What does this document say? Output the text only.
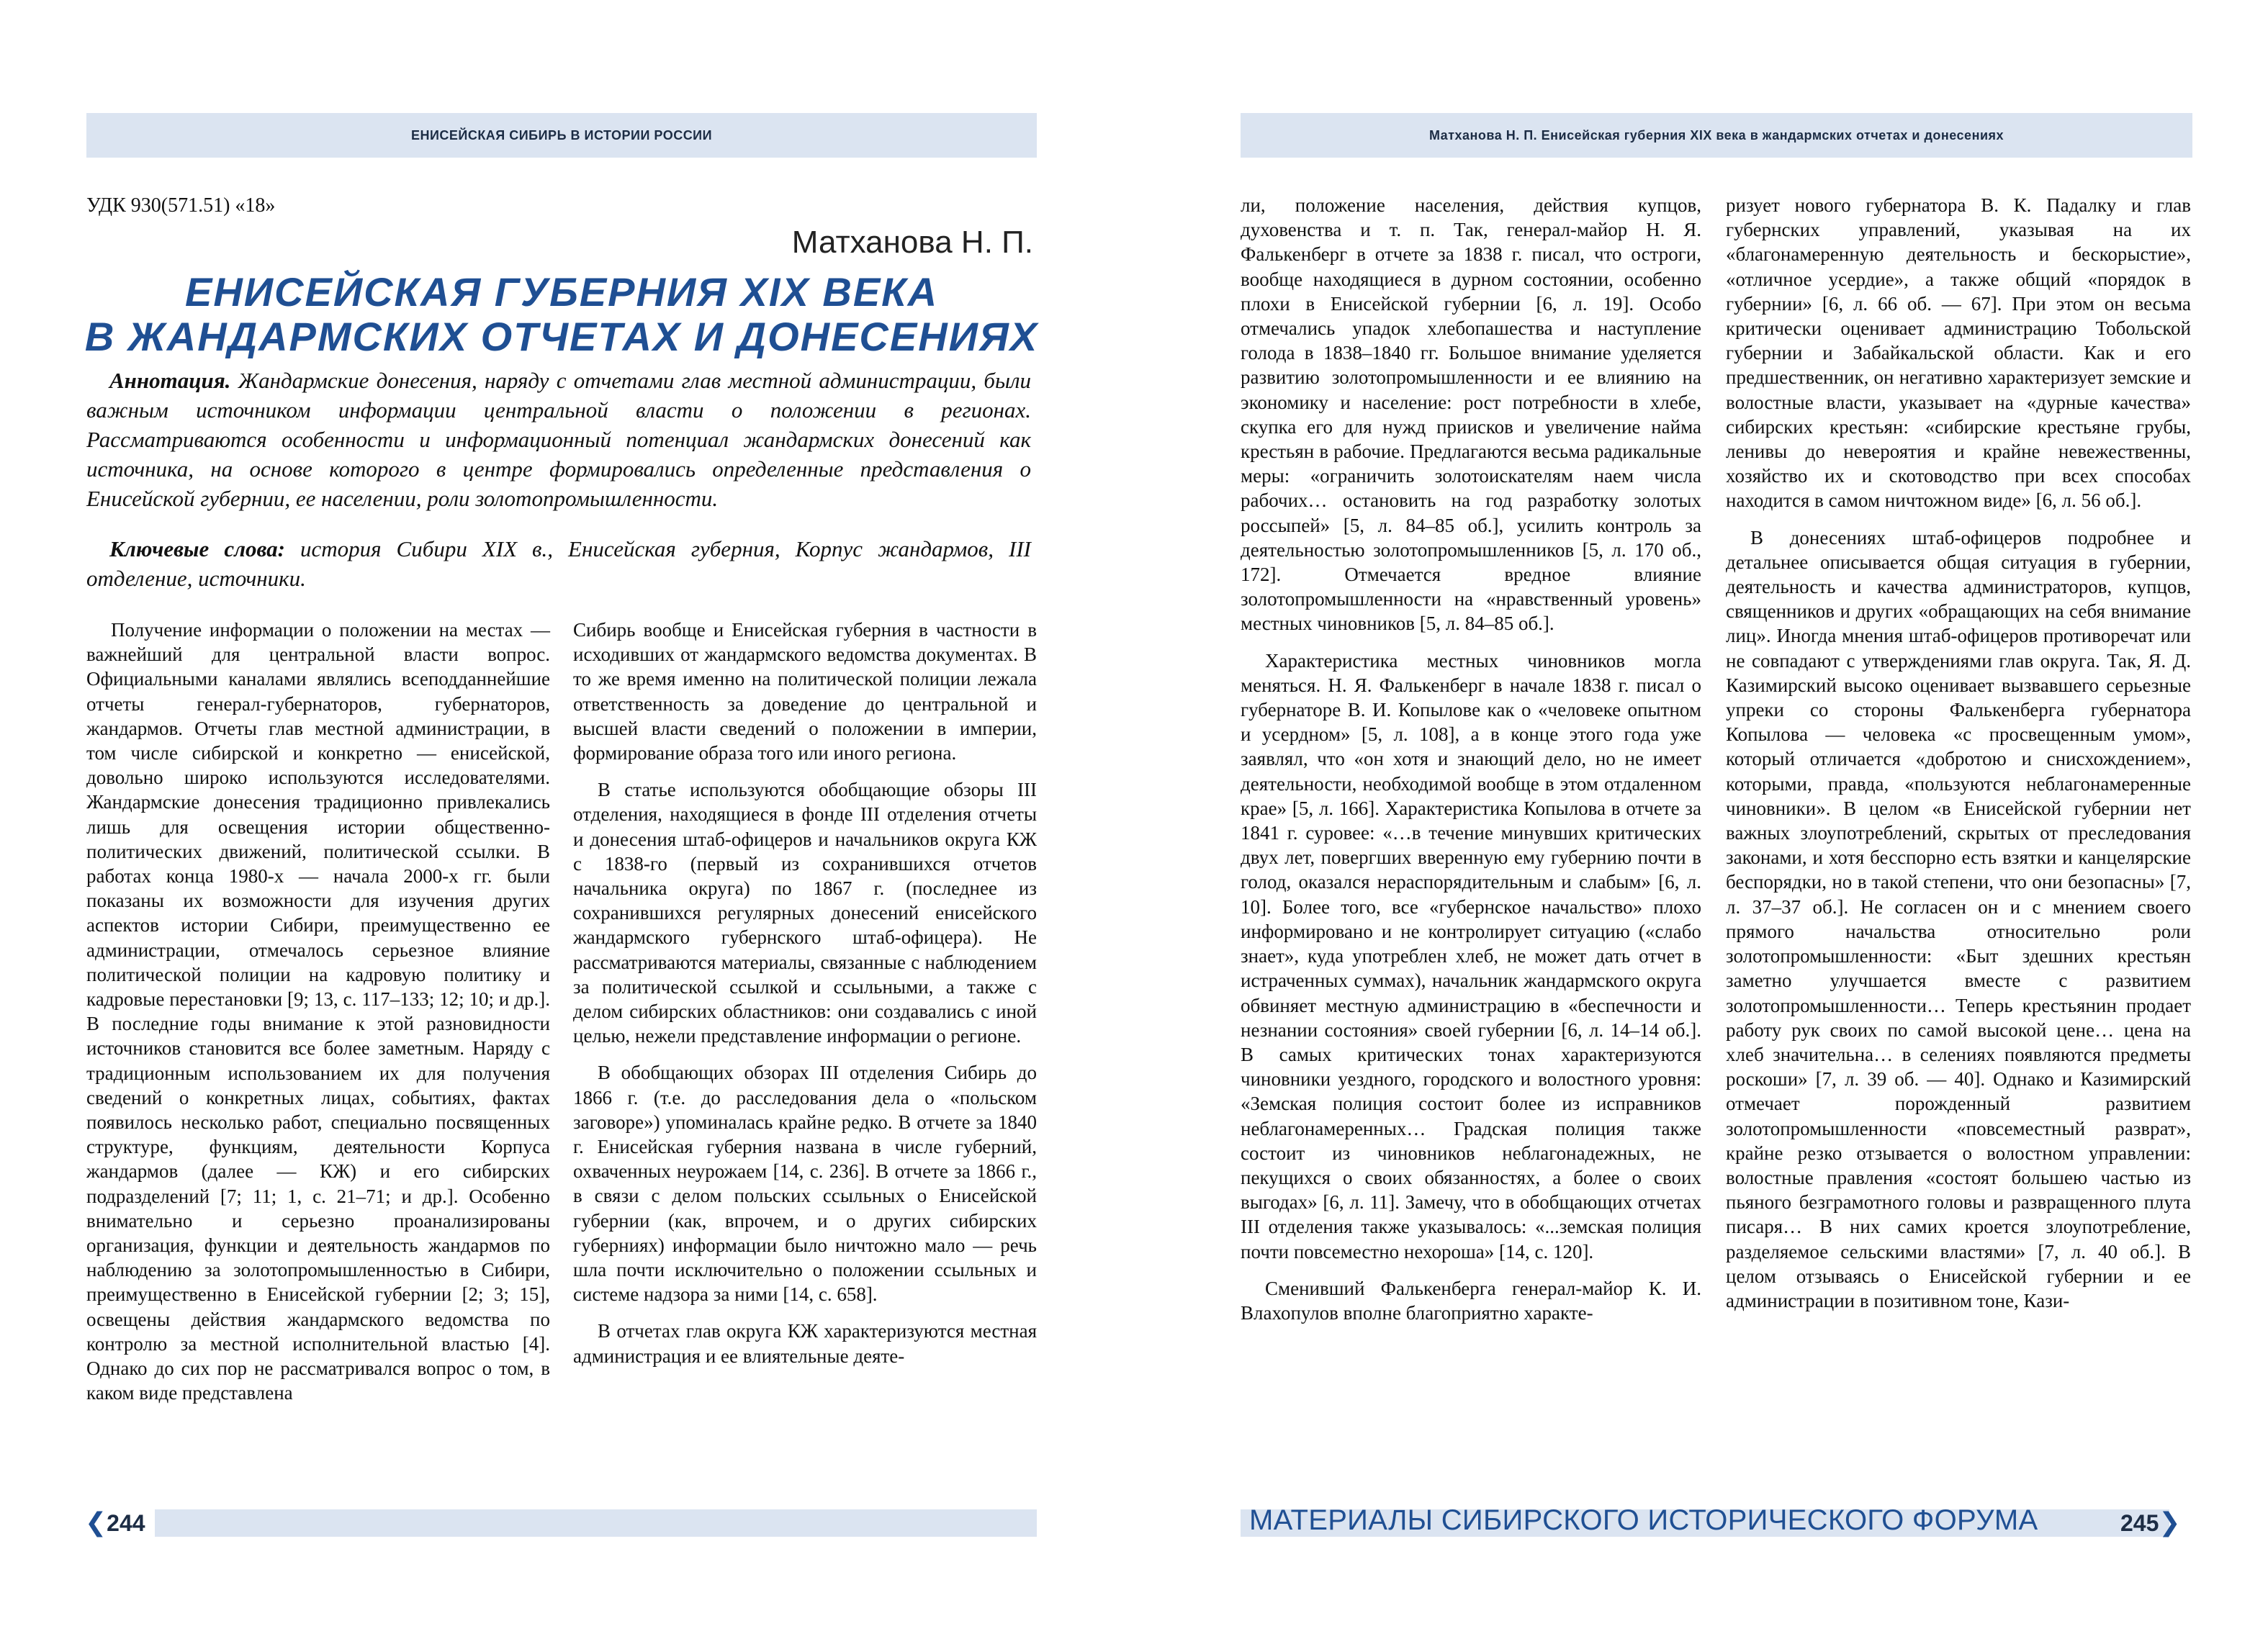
ЕНИСЕЙСКАЯ СИБИРЬ В ИСТОРИИ РОССИИ
УДК 930(571.51) «18»
Матханова Н. П.
ЕНИСЕЙСКАЯ ГУБЕРНИЯ XIX ВЕКА
В ЖАНДАРМСКИХ ОТЧЕТАХ И ДОНЕСЕНИЯХ

Аннотация. Жандармские донесения, наряду с отчетами глав местной администрации, были важным источником информации центральной власти о положении в регионах. Рассматриваются особенности и информационный потенциал жандармских донесений как источника, на основе которого в центре формировались определенные представления о Енисейской губернии, ее населении, роли золотопромышленности.

Ключевые слова: история Сибири XIX в., Енисейская губерния, Корпус жандармов, III отделение, источники.

Получение информации о положении на местах — важнейший для центральной власти вопрос. Официальными каналами являлись всеподданнейшие отчеты генерал-губернаторов, губернаторов, жандармов. Отчеты глав местной администрации, в том числе сибирской и конкретно — енисейской, довольно широко используются исследователями. Жандармские донесения традиционно привлекались лишь для освещения истории общественно-политических движений, политической ссылки. В работах конца 1980-х — начала 2000-х гг. были показаны их возможности для изучения других аспектов истории Сибири, преимущественно ее администрации, отмечалось серьезное влияние политической полиции на кадровую политику и кадровые перестановки [9; 13, с. 117–133; 12; 10; и др.]. В последние годы внимание к этой разновидности источников становится все более заметным. Наряду с традиционным использованием их для получения сведений о конкретных лицах, событиях, фактах появилось несколько работ, специально посвященных структуре, функциям, деятельности Корпуса жандармов (далее — КЖ) и его сибирских подразделений [7; 11; 1, с. 21–71; и др.]. Особенно внимательно и серьезно проанализированы организация, функции и деятельность жандармов по наблюдению за золотопромышленностью в Сибири, преимущественно в Енисейской губернии [2; 3; 15], освещены действия жандармского ведомства по контролю за местной исполнительной властью [4]. Однако до сих пор не рассматривался вопрос о том, в каком виде представлена

Сибирь вообще и Енисейская губерния в частности в исходивших от жандармского ведомства документах. В то же время именно на политической полиции лежала ответственность за доведение до центральной и высшей власти сведений о положении в империи, формирование образа того или иного региона.

В статье используются обобщающие обзоры III отделения, находящиеся в фонде III отделения отчеты и донесения штаб-офицеров и начальников округа КЖ с 1838-го (первый из сохранившихся отчетов начальника округа) по 1867 г. (последнее из сохранившихся регулярных донесений енисейского жандармского губернского штаб-офицера). Не рассматриваются материалы, связанные с наблюдением за политической ссылкой и ссыльными, а также с делом сибирских областников: они создавались с иной целью, нежели представление информации о регионе.

В обобщающих обзорах III отделения Сибирь до 1866 г. (т.е. до расследования дела о «польском заговоре») упоминалась крайне редко. В отчете за 1840 г. Енисейская губерния названа в числе губерний, охваченных неурожаем [14, с. 236]. В отчете за 1866 г., в связи с делом польских ссыльных о Енисейской губернии (как, впрочем, и о других сибирских губерниях) информации было ничтожно мало — речь шла почти исключительно о положении ссыльных и системе надзора за ними [14, с. 658].

В отчетах глав округа КЖ характеризуются местная администрация и ее влиятельные деяте-

❮244
Матханова Н. П. Енисейская губерния XIX века в жандармских отчетах и донесениях

ли, положение населения, действия купцов, духовенства и т. п. Так, генерал-майор Н. Я. Фалькенберг в отчете за 1838 г. писал, что остроги, вообще находящиеся в дурном состоянии, особенно плохи в Енисейской губернии [6, л. 19]. Особо отмечались упадок хлебопашества и наступление голода в 1838–1840 гг. Большое внимание уделяется развитию золотопромышленности и ее влиянию на экономику и население: рост потребности в хлебе, скупка его для нужд приисков и увеличение найма крестьян в рабочие. Предлагаются весьма радикальные меры: «ограничить золотоискателям наем числа рабочих… остановить на год разработку золотых россыпей» [5, л. 84–85 об.], усилить контроль за деятельностью золотопромышленников [5, л. 170 об., 172]. Отмечается вредное влияние золотопромышленности на «нравственный уровень» местных чиновников [5, л. 84–85 об.].

Характеристика местных чиновников могла меняться. Н. Я. Фалькенберг в начале 1838 г. писал о губернаторе В. И. Копылове как о «человеке опытном и усердном» [5, л. 108], а в конце этого года уже заявлял, что «он хотя и знающий дело, но не имеет деятельности, необходимой вообще в этом отдаленном крае» [5, л. 166]. Характеристика Копылова в отчете за 1841 г. суровее: «…в течение минувших критических двух лет, повергших вверенную ему губернию почти в голод, оказался нераспорядительным и слабым» [6, л. 10]. Более того, все «губернское начальство» плохо информировано и не контролирует ситуацию («слабо знает», куда употреблен хлеб, не может дать отчет в истраченных суммах), начальник жандармского округа обвиняет местную администрацию в «беспечности и незнании состояния» своей губернии [6, л. 14–14 об.]. В самых критических тонах характеризуются чиновники уездного, городского и волостного уровня: «Земская полиция состоит более из исправников неблагонамеренных… Градская полиция также состоит из чиновников неблагонадежных, не пекущихся о своих обязанностях, а более о своих выгодах» [6, л. 11]. Замечу, что в обобщающих отчетах III отделения также указывалось: «...земская полиция почти повсеместно нехороша» [14, с. 120].

Сменивший Фалькенберга генерал-майор К. И. Влахопулов вполне благоприятно характе-

ризует нового губернатора В. К. Падалку и глав губернских управлений, указывая на их «благонамеренную деятельность и бескорыстие», «отличное усердие», а также общий «порядок в губернии» [6, л. 66 об. — 67]. При этом он весьма критически оценивает администрацию Тобольской губернии и Забайкальской области. Как и его предшественник, он негативно характеризует земские и волостные власти, указывает на «дурные качества» сибирских крестьян: «сибирские крестьяне грубы, ленивы до невероятия и крайне невежественны, хозяйство их и скотоводство при всех способах находится в самом ничтожном виде» [6, л. 56 об.].

В донесениях штаб-офицеров подробнее и детальнее описывается общая ситуация в губернии, деятельность и качества администраторов, купцов, священников и других «обращающих на себя внимание лиц». Иногда мнения штаб-офицеров противоречат или не совпадают с утверждениями глав округа. Так, Я. Д. Казимирский высоко оценивает вызвавшего серьезные упреки со стороны Фалькенберга губернатора Копылова — человека «с просвещенным умом», который отличается «добротою и снисхождением», которыми, правда, «пользуются неблагонамеренные чиновники». В целом «в Енисейской губернии нет важных злоупотреблений, скрытых от преследования законами, и хотя бесспорно есть взятки и канцелярские беспорядки, но в такой степени, что они безопасны» [7, л. 37–37 об.]. Не согласен он и с мнением своего прямого начальства относительно роли золотопромышленности: «Быт здешних крестьян заметно улучшается вместе с развитием золотопромышленности… Теперь крестьянин продает работу рук своих по самой высокой цене… цена на хлеб значительна… в селениях появляются предметы роскоши» [7, л. 39 об. — 40]. Однако и Казимирский отмечает порожденный развитием золотопромышленности «повсеместный разврат», крайне резко отзывается о волостном управлении: волостные правления «состоят большею частью из пьяного безграмотного головы и развращенного плута писаря… В них самих кроется злоупотребление, разделяемое сельскими властями» [7, л. 40 об.]. В целом отзываясь о Енисейской губернии и ее администрации в позитивном тоне, Кази-

МАТЕРИАЛЫ СИБИРСКОГО ИСТОРИЧЕСКОГО ФОРУМА	245❯
